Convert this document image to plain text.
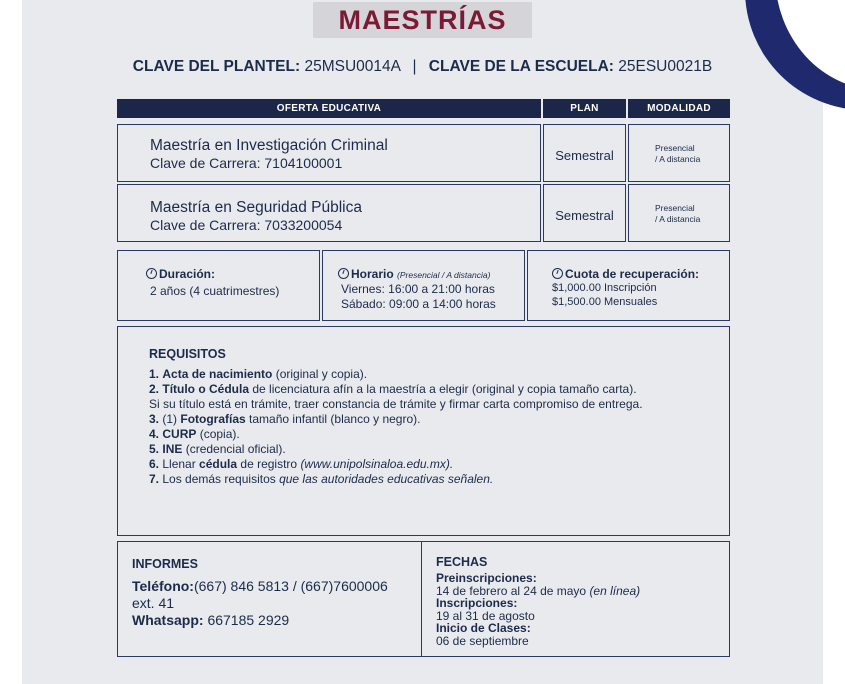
MAESTRÍAS
CLAVE DEL PLANTEL: 25MSU0014A | CLAVE DE LA ESCUELA: 25ESU0021B
OFERTA EDUCATIVA	PLAN	MODALIDAD
Maestría en Investigación Criminal
Clave de Carrera: 7104100001	Semestral	Presencial
/ A distancia
Maestría en Seguridad Pública
Clave de Carrera: 7033200054
Semestral	Presencial
/ A distancia
Duración:
2 años (4 cuatrimestres)
Horario (Presencial / A distancia)
Viernes: 16:00 a 21:00 horas
Sábado: 09:00 a 14:00 horas
Cuota de recuperación:
$1,000.00 Inscripción
$1,500.00 Mensuales
REQUISITOS
1. Acta de nacimiento (original y copia).
2. Título o Cédula de licenciatura afín a la maestría a elegir (original y copia tamaño carta).
Si su título está en trámite, traer constancia de trámite y firmar carta compromiso de entrega.
3. (1) Fotografías tamaño infantil (blanco y negro).
4. CURP (copia).
5. INE (credencial oficial).
6. Llenar cédula de registro (www.unipolsinaloa.edu.mx).
7. Los demás requisitos que las autoridades educativas señalen.
INFORMES
Teléfono:(667) 846 5813 / (667)7600006
ext. 41
Whatsapp: 667185 2929
FECHAS
Preinscripciones:
14 de febrero al 24 de mayo (en línea)
Inscripciones:
19 al 31 de agosto
Inicio de Clases:
06 de septiembre
